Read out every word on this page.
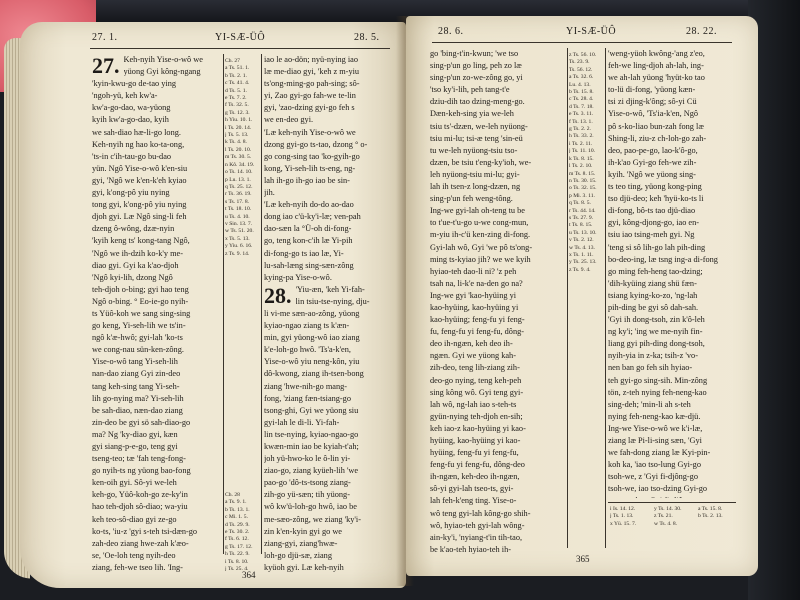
27. 1.	YI-SÆ-ÜÔ	28. 5.
27. Keh-nyih Yise-o-wô we
yüong Gyi kông-ngang
'kyin-kwu-go de-tao ying
'ngoh-yü, keh kw'a-
kw'a-go-dao, wa-yüong
kyih kw'a-go-dao, kyih
we sah-diao hæ-li-go long.
Keh-nyih ng hao ko-ta-ong,
'ts-in c'ih-tau-go bu-dao
yün. Ngô Yise-o-wô k'en-siu
gyi, 'Ngô we k'en-k'eh kyiao
gyi, k'ong-pô yiu nying
tong gyi, k'ong-pô yiu nying
djoh gyi. Læ Ngô sing-li feh
dzeng ô-wông, dzæ-nyin
'kyih keng ts' kong-tang Ngô,
'Ngô we ih-dzih ko-k'y me-
diao gyi. Gyi ka k'ao-djoh
'Ngô kyi-lih, dzong Ngô
teh-djoh o-bing; gyi hao teng
Ngô o-bing. ° Eo-ie-go nyih-
ts Yüô-koh we sang sing-sing
go keng, Yi-seh-lih we ts'in-
ngô k'æ-hwô; gyi-lah 'ko-ts
we cong-nau sün-ken-zông.
Yise-o-wô tang Yi-seh-lih
nan-dao ziang Gyi zin-deo
tang keh-sing tang Yi-seh-
lih go-nying ma? Yi-seh-lih
be sah-diao, næn-dao ziang
zin-deo be gyi sö sah-diao-go
ma? Ng 'ky-diao gyi, kæn
gyi siang-p-e-go, teng gyi
tseng-teo; tæ 'fah teng-fong-
go nyih-ts ng yüong bao-fong
ken-oih gyi. Sô-yi we-leh
keh-go, Yüô-koh-go ze-ky'in
hao teh-djoh sô-diao; wa-yiu
keh teo-sô-diao gyi ze-go
ko-ts, 'iu-z 'gyi s-teh tsi-dæn-go
zah-deo ziang hwe-zah k'æo-
se, 'Oe-loh teng nyih-deo
ziang, feh-we tseo lih. 'Ing-
Ch. 27
a Ts. 51. 1.
b Ts. 2. 1.
c Ts. 41. 4.
d Ts. 5. 1.
e Ts. 7. 2.
f Ts. 32. 5.
g Ts. 12. 3.
h Yiu. 10. 1.
i Ts. 20. 14.
j Ts. 5. 13.
k Ts. 4. 8.
l Ts. 20. 10.
m Ts. 30. 5.
n Kô. 34. 19.
o Ts. 14. 10.
p Lu. 13. 1.
q Ts. 25. 12.
r Ts. 36. 19.
s Ts. 17. 8.
t Ts. 18. 10.
u Ts. 4. 10.
v Sin. 13. 7.
w Ts. 51. 20.
x Ts. 5. 13.
y Yiu. 6. 16.
z Ts. 9. 14.
Ch. 28
a Ts. 9. 1.
b Ts. 13. 1.
c Mi. 1. 5.
d Ts. 29. 9.
e Ts. 30. 2.
f Ts. 6. 12.
g Ts. 17. 12.
h Ts. 22. 9.
i Ts. 8. 10.
j Ts. 25. 4.
iao le ao-dön; nyü-nying iao
læ me-diao gyi, 'keh z m-yiu
ts'ong-ming-go pah-sing; sô-
yi, Zao gyi-go fah-we te-lin
gyi, 'zao-dzing gyi-go feh s
we en-deo gyi.
'Læ keh-nyih Yise-o-wô we
dzong gyi-go ts-tao, dzong ° o-
go cong-sing tao 'ko-gyih-go
kong, Yi-seh-lih ts-eng, ng-
lah ih-go ih-go iao be sin-
jih.
'Læ keh-nyih do-do ao-dao
dong iao c'ü-ky'i-læ; ven-pah
dao-sæn la °Ü-oh di-fong-
go, teng kon-c'ih læ Yi-pih
di-fong-go ts iao læ, Yi-
lu-sah-læng sing-sæn-zông
kying-pa Yise-o-wô.
28. 'Yiu-æn, 'keh Yi-fah-
lin tsiu-tse-nying, dju-
li vi-me sæn-ao-zông, yüong
kyiao-ngao ziang ts k'æn-
min, gyi yüong-wô iao ziang
k'e-loh-go hwô. 'Ts'a-k'en,
Yise-o-wô yiu neng-kôn, yiu
dô-kwong, ziang ih-tsen-bong
ziang 'hwe-nih-go mang-
fong, 'ziang fæn-tsiang-go
tsong-ghi, Gyi we yüong siu
gyi-lah le di-li. Yi-fah-
lin tse-nying, kyiao-ngao-go
kwæn-min iao be kyiah-t'ah;
joh yü-hwo-ko le ô-lin yi-
ziao-go, ziang kyüeh-lih 'we
pao-go 'dô-ts-tsong ziang-
zih-go yü-sæn; tih yüong-
wô kw'ü-loh-go hwô, iao be
me-sæo-zông, we ziang 'ky'i-
zin k'en-kyin gyi go we
ziang-gyi, ziang'hwæ-
loh-go djü-sæ, ziang
kyüoh gyi. Læ keh-nyih
364
28. 6.	YI-SÆ-ÜÔ	28. 22.
go 'bing-t'in-kwun; 'we tso
sing-p'un go ling, peh zo læ
sing-p'un zo-we-zông go, yi
'tso ky'i-lih, peh tang-t'e
dziu-dih tao dzing-meng-go.
Dæn-keh-sing yia we-leh
tsiu ts'-dzæn, we-leh nyüong-
tsiu mi-lu; tsi-æ teng 'sin-eü
tu we-leh nyüong-tsiu tso-
dzæn, be tsiu t'eng-ky'ioh, we-
leh nyüong-tsiu mi-lu; gyi-
lah ih tsen-z long-dzæn, ng
sing-p'un feh weng-tông.
Ing-we gyi-lah oh-teng tu be
to t'ue-t'u-go u-we cong-mun,
m-yiu ih-c'ü ken-zing di-fong.
Gyi-lah wô, Gyi 'we pô ts'ong-
ming ts-kyiao jih? we we kyih
hyiao-teh dao-li ni? 'z peh
tsah na, li-k'e na-den go na?
Ing-we gyi 'kao-hyüing yi
kao-hyüing, kao-hyüing yi
kao-hyüing; feng-fu yi feng-
fu, feng-fu yi feng-fu, dông-
deo ih-ngæn, keh deo ih-
ngæn. Gyi we yüong kah-
zih-deo, teng lih-ziang zih-
deo-go nying, teng keh-peh
sing kông wô. Gyi teng gyi-
lah wô, ng-lah iao s-teh-ts
gyün-nying teh-djoh en-sih;
keh iao-z kao-hyüing yi kao-
hyüing, kao-hyüing yi kao-
hyüing, feng-fu yi feng-fu,
feng-fu yi feng-fu, dông-deo
ih-ngæn, keh-deo ih-ngæn,
sô-yi gyi-lah tseo-ts, gyi-
lah feh-k'eng ting. Yise-o-
wô teng gyi-lah kông-go shih-
wô, hyiao-teh gyi-lah wông-
ain-ky'i, 'nyiang-t'in tih-tao,
be k'ao-teh hyiao-teh ih-
z Ts. 56. 10.
Ts. 23. 9.
Ts. 56. 12.
a Ts. 32. 6.
Lu. 4. 13.
b Ts. 15. 8.
c Ts. 28. 4.
d Ts. 7. 18.
e Ts. 3. 11.
f Ts. 13. 1.
g Ts. 2. 2.
h Ts. 33. 2.
i Ts. 2. 11.
j Ts. 11. 10.
k Ts. 8. 15.
l Ts. 2. 10.
m Ts. 8. 15.
n Ts. 30. 15.
o Ts. 32. 15.
p Mi. 3. 11.
q Ts. 8. 5.
r Ts. 44. 14.
s Ts. 27. 9.
t Ts. 8. 15.
u Ts. 13. 10.
v Ts. 2. 12.
w Ts. 4. 13.
x Ts. 1. 11.
y Ts. 25. 13.
z Ts. 9. 4.
'weng-yüoh kwông-'ang z'eo,
feh-we ling-djoh ah-lah, ing-
we ah-lah yüong 'hyüt-ko tao
to-lü di-fong, 'yüong kæn-
tsi zi djing-k'ông; sô-yi Cü
Yise-o-wô, 'Ts'ia-k'en, Ngô
pô s-ko-liao bun-zah fong læ
Shing-li, ziu-z ch-loh-go zah-
deo, pao-pe-go, lao-k'ô-go,
ih-k'ao Gyi-go feh-we zih-
kyih. 'Ngô we yüong sing-
ts teo ting, yüong kong-ping
tso djü-deo; keh 'hyü-ko-ts li
di-fong, bô-ts tao djü-diao
gyi, kông-djong-go, iao en-
tsiu iao tsing-meh gyi. Ng
'teng si sô lih-go lah pih-ding
bo-deo-ing, læ tsng ing-a di-fong
go ming feh-heng tao-dzing;
'dih-kyüing ziang shü fæn-
tsiang kying-ko-zo, 'ng-lah
pih-ding be gyi sô dah-sah.
'Gyi ih dong-tsoh, zin k'ô-leh
ng ky'i; 'ing we me-nyih fin-
liang gyi pih-ding dong-tsoh,
nyih-yia in z-ka; tsih-z 'vo-
nen ban go feh sih hyiao-
teh gyi-go sing-sih. Min-zông
tön, z-teh nying feh-neng-kao
sing-deh; 'min-li ah s-teh
nying feh-neng-kao kæ-djü.
Ing-we Yise-o-wô we k'i-læ,
ziang læ Pi-li-sing sæn, 'Gyi
we fah-dong ziang læ Kyi-pin-
koh ka, 'iao tso-lung Gyi-go
tsoh-we, z 'Gyi fi-djông-go
tsoh-we, iao tso-dzing Gyi-go
i Is. 14. 12.
j Ts. 1. 13.
x Yü. 15. 7.
y Ts. 14. 30.
z Ts. 21.
w Ts. 4. 8.
a Ts. 15. 8.
b Ts. 2. 13.
365
